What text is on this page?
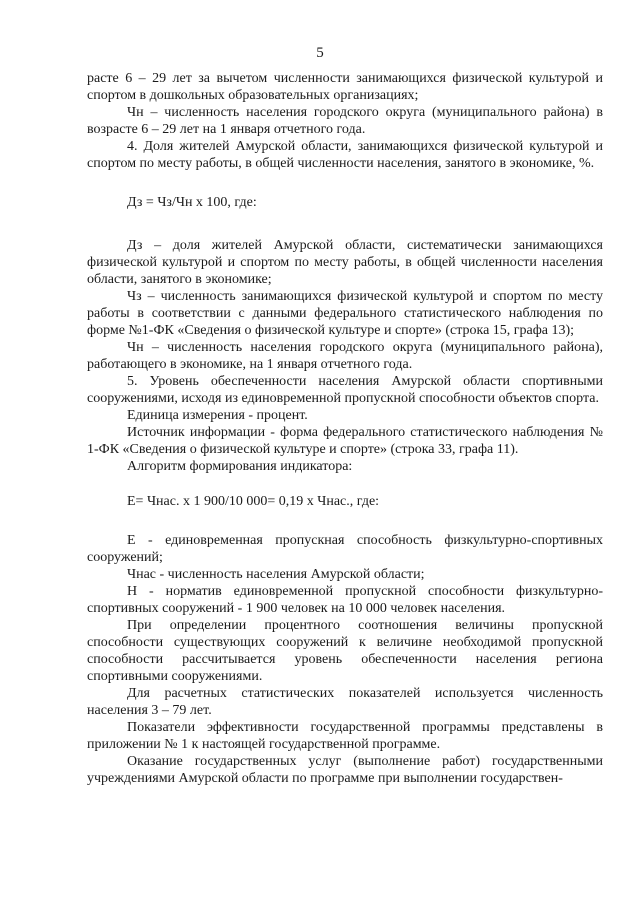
5

расте 6 – 29 лет за вычетом численности занимающихся физической культурой и спортом в дошкольных образовательных организациях;

Чн – численность населения городского округа (муниципального района) в возрасте 6 – 29 лет на 1 января отчетного года.

4. Доля жителей Амурской области, занимающихся физической культурой и спортом по месту работы, в общей численности населения, занятого в экономике, %.

Дз = Чз/Чн х 100, где:

Дз – доля жителей Амурской области, систематически занимающихся физической культурой и спортом по месту работы, в общей численности населения области, занятого в экономике;

Чз – численность занимающихся физической культурой и спортом по месту работы в соответствии с данными федерального статистического наблюдения по форме №1-ФК «Сведения о физической культуре и спорте» (строка 15, графа 13);

Чн – численность населения городского округа (муниципального района), работающего в экономике, на 1 января отчетного года.

5. Уровень обеспеченности населения Амурской области спортивными сооружениями, исходя из единовременной пропускной способности объектов спорта.

Единица измерения - процент.

Источник информации - форма федерального статистического наблюдения № 1-ФК «Сведения о физической культуре и спорте» (строка 33, графа 11).

Алгоритм формирования индикатора:

Е= Чнас. х 1 900/10 000= 0,19 х Чнас., где:

Е - единовременная пропускная способность физкультурно-спортивных сооружений;

Чнас - численность населения Амурской области;

Н - норматив единовременной пропускной способности физкультурно-спортивных сооружений - 1 900 человек на 10 000 человек населения.

При определении процентного соотношения величины пропускной способности существующих сооружений к величине необходимой пропускной способности рассчитывается уровень обеспеченности населения региона спортивными сооружениями.

Для расчетных статистических показателей используется численность населения 3 – 79 лет.

Показатели эффективности государственной программы представлены в приложении № 1 к настоящей государственной программе.

Оказание государственных услуг (выполнение работ) государственными учреждениями Амурской области по программе при выполнении государствен-
